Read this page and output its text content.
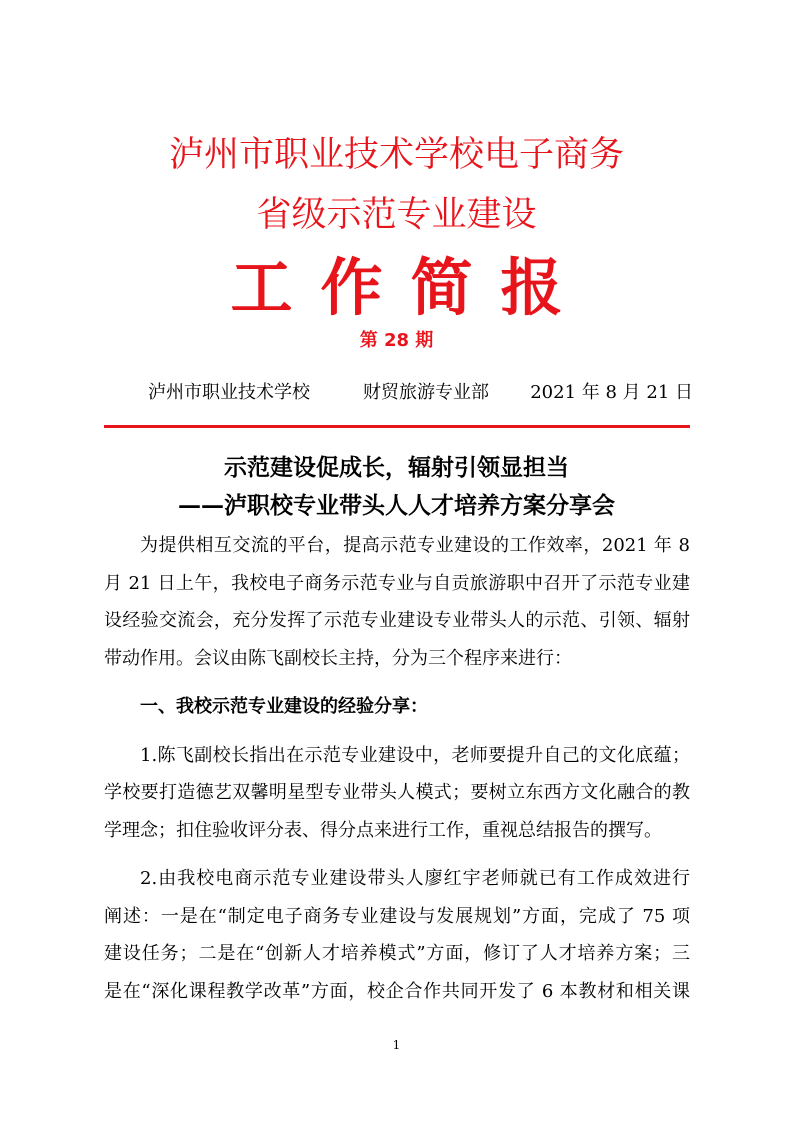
泸州市职业技术学校电子商务
省级示范专业建设
工作简报
第 28 期
泸州市职业技术学校	财贸旅游专业部 2021 年 8 月 21 日
示范建设促成长，辐射引领显担当
——泸职校专业带头人人才培养方案分享会
为提供相互交流的平台，提高示范专业建设的工作效率，2021 年 8
月 21 日上午，我校电子商务示范专业与自贡旅游职中召开了示范专业建
设经验交流会，充分发挥了示范专业建设专业带头人的示范、引领、辐射
带动作用。会议由陈飞副校长主持，分为三个程序来进行：
一、我校示范专业建设的经验分享：
1.陈飞副校长指出在示范专业建设中，老师要提升自己的文化底蕴；
学校要打造德艺双馨明星型专业带头人模式；要树立东西方文化融合的教
学理念；扣住验收评分表、得分点来进行工作，重视总结报告的撰写。
2.由我校电商示范专业建设带头人廖红宇老师就已有工作成效进行
阐述：一是在“制定电子商务专业建设与发展规划”方面，完成了 75 项
建设任务；二是在“创新人才培养模式”方面，修订了人才培养方案；三
是在“深化课程教学改革”方面，校企合作共同开发了 6 本教材和相关课
1
